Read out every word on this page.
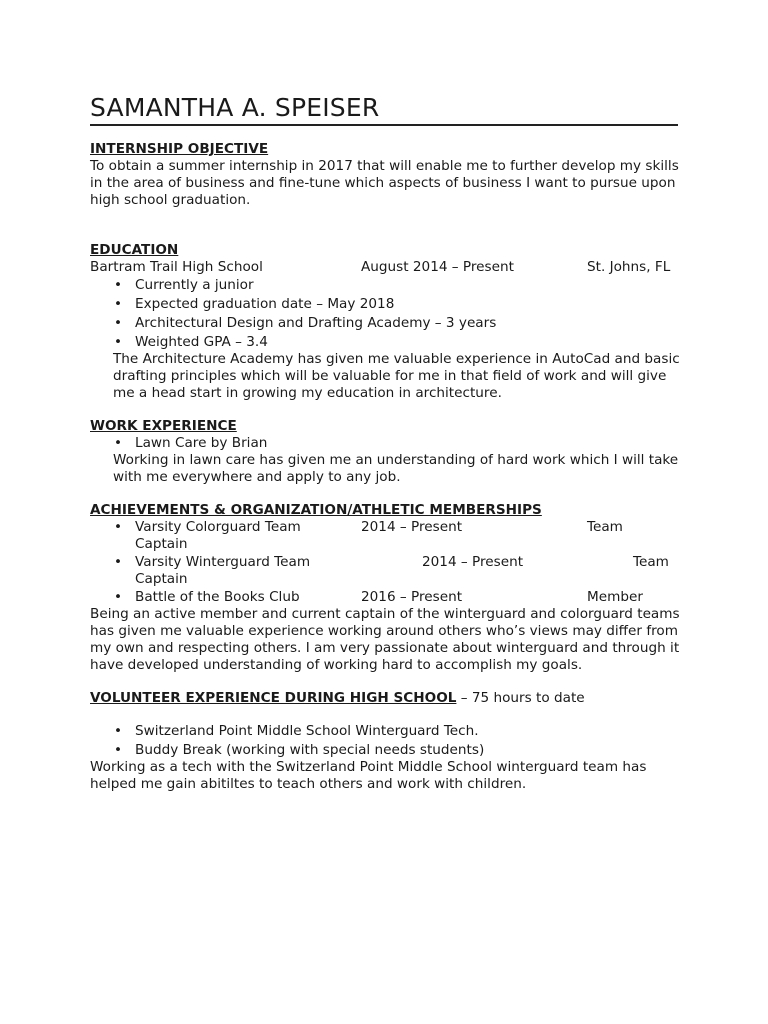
SAMANTHA A. SPEISER

INTERNSHIP OBJECTIVE

To obtain a summer internship in 2017 that will enable me to further develop my skills in the area of business and fine-tune which aspects of business I want to pursue upon high school graduation.

EDUCATION

Bartram Trail High School	August 2014 – Present	St. Johns, FL
• Currently a junior
• Expected graduation date – May 2018
• Architectural Design and Drafting Academy – 3 years
• Weighted GPA – 3.4

The Architecture Academy has given me valuable experience in AutoCad and basic drafting principles which will be valuable for me in that field of work and will give me a head start in growing my education in architecture.

WORK EXPERIENCE

• Lawn Care by Brian

Working in lawn care has given me an understanding of hard work which I will take with me everywhere and apply to any job.

ACHIEVEMENTS & ORGANIZATION/ATHLETIC MEMBERSHIPS

• Varsity Colorguard Team	2014 – Present	Team
Captain
• Varsity Winterguard Team	2014 – Present	Team
Captain
• Battle of the Books Club	2016 – Present	Member

Being an active member and current captain of the winterguard and colorguard teams has given me valuable experience working around others who’s views may differ from my own and respecting others. I am very passionate about winterguard and through it have developed understanding of working hard to accomplish my goals.

VOLUNTEER EXPERIENCE DURING HIGH SCHOOL – 75 hours to date

• Switzerland Point Middle School Winterguard Tech.
• Buddy Break (working with special needs students)

Working as a tech with the Switzerland Point Middle School winterguard team has helped me gain abitiltes to teach others and work with children.
